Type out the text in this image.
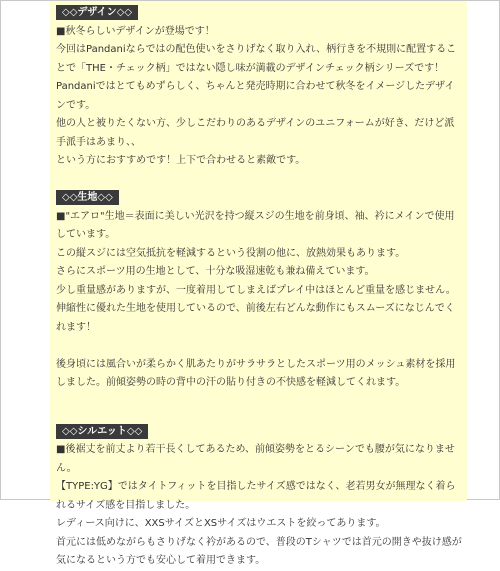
◇◇デザイン◇◇

■秋冬らしいデザインが登場です！

今回はPandaniならではの配色使いをさりげなく取り入れ、柄行きを不規則に配置することで「THE・チェック柄」ではない隠し味が満載のデザインチェック柄シリーズです！

Pandaniではとてもめずらしく、ちゃんと発売時期に合わせて秋冬をイメージしたデザインです。

他の人と被りたくない方、少しこだわりのあるデザインのユニフォームが好き、だけど派手派手はあまり、、

という方におすすめです！上下で合わせると素敵です。

◇◇生地◇◇

■"エアロ"生地＝表面に美しい光沢を持つ縦スジの生地を前身頃、袖、衿にメインで使用しています。

この縦スジには空気抵抗を軽減するという役割の他に、放熱効果もあります。

さらにスポーツ用の生地として、十分な吸湿速乾も兼ね備えています。

少し重量感がありますが、一度着用してしまえばプレイ中はほとんど重量を感じません。

伸縮性に優れた生地を使用しているので、前後左右どんな動作にもスムーズになじんでくれます！

後身頃には風合いが柔らかく肌あたりがサラサラとしたスポーツ用のメッシュ素材を採用しました。前傾姿勢の時の背中の汗の貼り付きの不快感を軽減してくれます。

◇◇シルエット◇◇

■後裾丈を前丈より若干長くしてあるため、前傾姿勢をとるシーンでも腰が気になりません。

【TYPE:YG】ではタイトフィットを目指したサイズ感ではなく、老若男女が無理なく着られるサイズ感を目指しました。

レディース向けに、XXSサイズとXSサイズはウエストを絞ってあります。

首元には低めながらもさりげなく衿があるので、普段のTシャツでは首元の開きや抜け感が気になるという方でも安心して着用できます。
